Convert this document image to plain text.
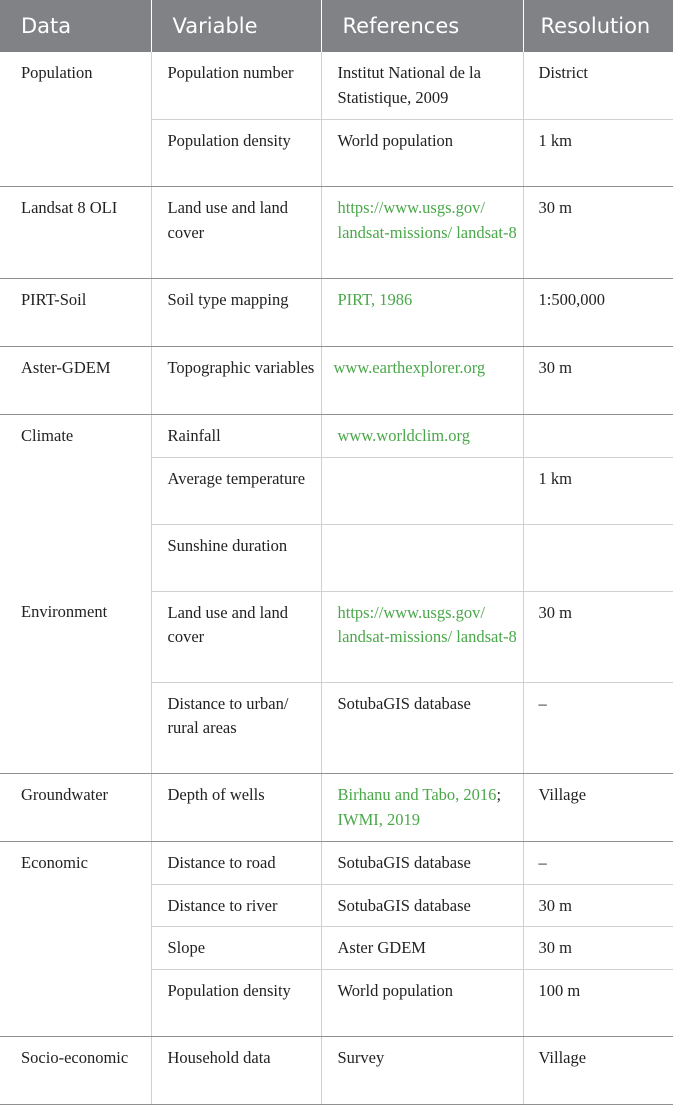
Data	Variable	References	Resolution
Population	Population number	Institut National de la Statistique, 2009	District
	Population density	World population	1 km
Landsat 8 OLI	Land use and land cover	https://www.usgs.gov/ landsat-missions/ landsat-8	30 m
PIRT-Soil	Soil type mapping	PIRT, 1986	1:500,000
Aster-GDEM	Topographic variables	www.earthexplorer.org	30 m
Climate	Rainfall	www.worldclim.org	
	Average temperature		1 km
	Sunshine duration		
Environment	Land use and land cover	https://www.usgs.gov/ landsat-missions/ landsat-8	30 m
	Distance to urban/ rural areas	SotubaGIS database	–
Groundwater	Depth of wells	Birhanu and Tabo, 2016; IWMI, 2019	Village
Economic	Distance to road	SotubaGIS database	–
	Distance to river	SotubaGIS database	30 m
	Slope	Aster GDEM	30 m
	Population density	World population	100 m
Socio-economic	Household data	Survey	Village
